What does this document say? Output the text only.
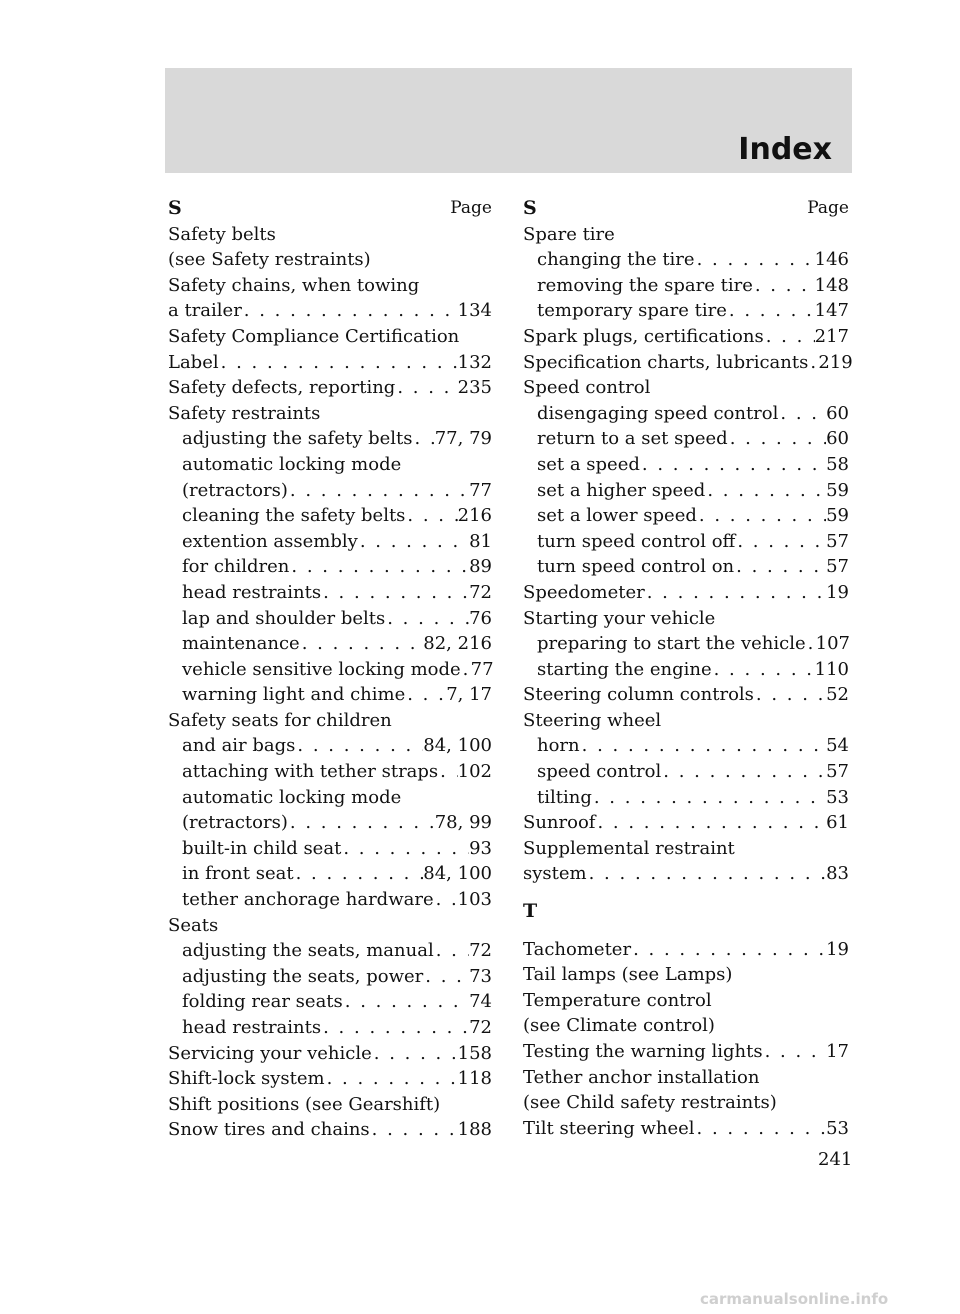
Index
S	Page
Safety belts
(see Safety restraints)
Safety chains, when towing
a trailer . . .	134
Safety Compliance Certification
Label . . .	132
Safety defects, reporting . . .	235
Safety restraints
adjusting the safety belts . . . 77, 79
automatic locking mode
(retractors) . . .	77
cleaning the safety belts . . .	216
extention assembly . . .	81
for children . . .	89
head restraints . . .	72
lap and shoulder belts . . .	76
maintenance . . .	82, 216
vehicle sensitive locking mode . . . 77
warning light and chime . . . 7, 17
Safety seats for children
and air bags . . .	84, 100
attaching with tether straps . . . 102
automatic locking mode
(retractors) . . .	78, 99
built-in child seat . . .	93
in front seat . . .	84, 100
tether anchorage hardware . . . 103
Seats
adjusting the seats, manual . . . 72
adjusting the seats, power . . .	73
folding rear seats . . .	74
head restraints . . .	72
Servicing your vehicle . . .	158
Shift-lock system . . .	118
Shift positions (see Gearshift)
Snow tires and chains . . .	188
S	Page
Spare tire
changing the tire . . .	146
removing the spare tire . . .	148
temporary spare tire . . .	147
Spark plugs, certifications . . .	217
Specification charts, lubricants . . . 219
Speed control
disengaging speed control . . .	60
return to a set speed . . .	60
set a speed . . .	58
set a higher speed . . .	59
set a lower speed . . .	59
turn speed control off . . .	57
turn speed control on . . .	57
Speedometer . . .	19
Starting your vehicle
preparing to start the vehicle . . . 107
starting the engine . . .	110
Steering column controls . . .	52
Steering wheel
horn . . .	54
speed control . . .	57
tilting . . .	53
Sunroof . . .	61
Supplemental restraint
system . . .	83
T
Tachometer . . .	19
Tail lamps (see Lamps)
Temperature control
(see Climate control)
Testing the warning lights . . .	17
Tether anchor installation
(see Child safety restraints)
Tilt steering wheel . . .	53
241
carmanualsonline.info
